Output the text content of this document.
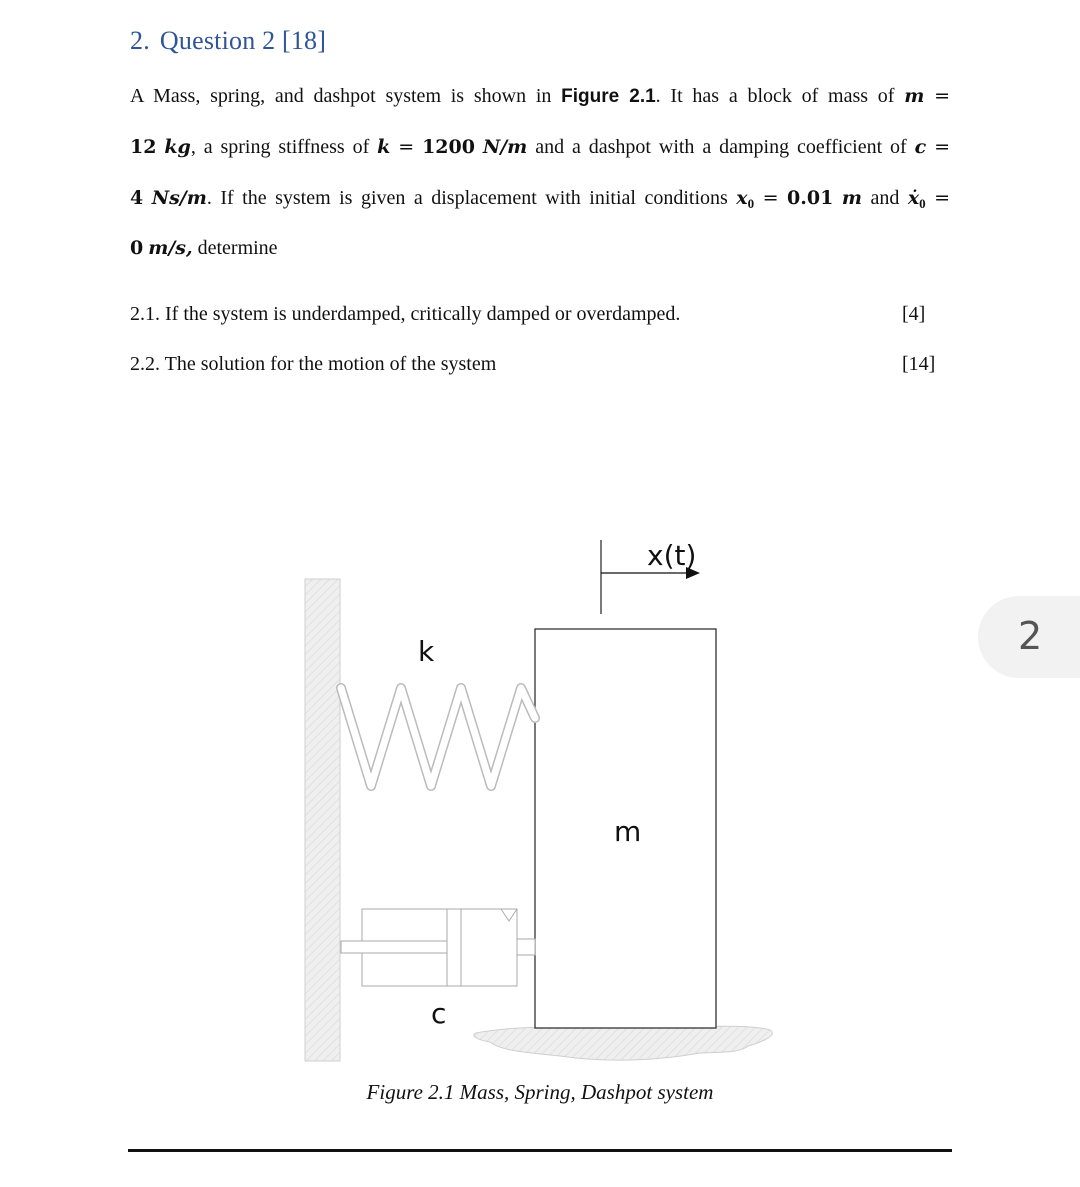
2. Question 2 [18]

A Mass, spring, and dashpot system is shown in Figure 2.1. It has a block of mass of m =

12 kg, a spring stiffness of k = 1200 N/m and a dashpot with a damping coefficient of c =

4 Ns/m. If the system is given a displacement with initial conditions $x_0 = 0.01$ m and ẋ$_0$ =

0 m/s, determine

2.1. If the system is underdamped, critically damped or overdamped.	[4]
2.2. The solution for the motion of the system	[14]
x(t)
k
m
c

Figure 2.1 Mass, Spring, Dashpot system

2
